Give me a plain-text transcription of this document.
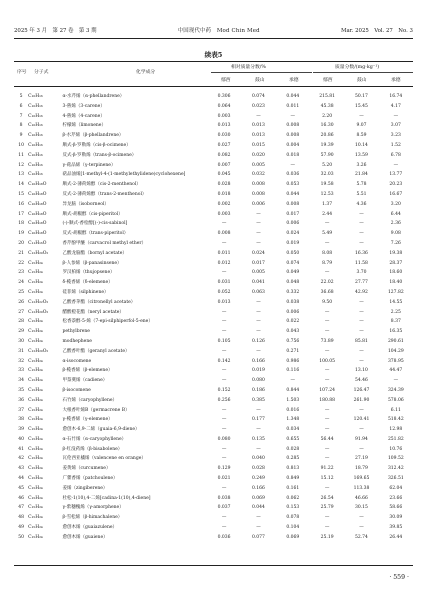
2025 年 3 月　第 27 卷　第 3 期	中国现代中药　Mod Chin Med	Mar. 2025　Vol. 27　No. 3
续表5
序号 分子式	化学成分
相对质量分数/%	质量分数/(mg·kg⁻¹)
鄢西	鼓山	承德	鄢西	鼓山	承德
5	C₁₀H₁₆	α-水芹烯（α-phellandrene）	0.306	0.074	0.044	215.81	50.17	16.74
6	C₁₀H₁₆	3-蒈烯（3-carene）	0.064	0.023	0.011	45.38	15.45	4.17
7	C₁₀H₁₆	4-蒈烯（4-carene）	0.003	—	—	2.20	—	—
8	C₁₀H₁₆	柠檬烯（limonene）	0.013	0.013	0.008	16.30	9.07	3.07
9	C₁₀H₁₆	β-水芹烯（β-phellandrene）	0.030	0.013	0.008	20.86	8.59	3.23
10	C₁₀H₁₆	顺式-β-罗勒烯（cis-β-ocimene）	0.027	0.015	0.004	19.39	10.14	1.52
11	C₁₀H₁₆	反式-β-罗勒烯（trans-β-ocimene）	0.082	0.020	0.018	57.90	13.59	6.78
12	C₁₀H₁₆	γ-萜品烯（γ-terpinene）	0.007	0.005	—	5.20	3.26	—
13	C₁₀H₁₆	萜品油烯[1-methyl-4-(1-methylethylidene)cyclohexene]	0.045	0.032	0.036	32.03	21.84	13.77
14	C₁₀H₁₈O	顺式-2-薄荷烯醇（cis-2-menthenol）	0.028	0.008	0.053	19.58	5.78	20.23
15	C₁₀H₁₈O	反式-2-薄荷烯醇（trans-2-menthenol）	0.018	0.008	0.044	12.53	5.51	16.67
16	C₁₀H₁₈O	异龙脑（isoborneol）	0.002	0.006	0.008	1.37	4.36	3.20
17	C₁₀H₁₈O	顺式-胡椒醇（cis-piperitol）	0.003	—	0.017	2.44	—	6.44
18	C₁₀H₁₈O	(-)-顺式-香桧醇[(-)-cis-sabinol]	—	—	0.006	—	—	2.36
19	C₁₀H₁₈O	反式-胡椒醇（trans-piperitol）	0.008	—	0.024	5.49	—	9.08
20	C₁₁H₁₆O	香芹酚甲醚（carvacrol methyl ether）	—	—	0.019	—	—	7.26
21	C₁₂H₂₀O₂	乙酸龙脑酯（bornyl acetate）	0.011	0.024	0.050	8.08	16.36	19.38
22	C₁₅H₂₄	β-人参烯（β-panasinsene）	0.012	0.017	0.074	8.79	11.58	28.37
23	C₁₅H₂₄	罗汉柏烯（thujopsene）	—	0.005	0.049	—	3.70	18.60
24	C₁₅H₂₄	δ-榄香烯（δ-elemene）	0.031	0.041	0.048	22.02	27.77	18.40
25	C₁₅H₂₄	硅菲烯（silphinene）	0.052	0.063	0.332	36.68	42.92	127.82
26	C₁₂H₂₂O₂	乙酸香茅酯（citronellyl acetate）	0.013	—	0.038	9.50	—	14.55
27	C₁₂H₂₀O₂	醋酸橙花酯（neryl acetate）	—	—	0.006	—	—	2.25
28	C₁₅H₂₄	松香萘醇-5-烯（7-epi-silphiperfol-5-ene）	—	—	0.022	—	—	8.37
29	C₁₅H₂₄	pethylbrene	—	—	0.043	—	—	16.35
30	C₁₅H₂₄	modhephene	0.105	0.126	0.756	73.89	85.81	290.61
31	C₁₂H₂₀O₂	乙酸香叶酯（geranyl acetate）	—	—	0.271	—	—	104.29
32	C₁₅H₂₄	α-isocomene	0.142	0.166	0.986	100.05	—	378.95
33	C₁₅H₂₄	β-榄香烯（β-elemene）	—	0.019	0.116	—	13.10	44.47
34	C₁₅H₂₄	甲萘薁烯（cadiene）	—	0.080	—	—	54.46	—
35	C₁₅H₂₄	β-isocomene	0.152	0.186	0.844	107.24	126.47	324.39
36	C₁₅H₂₄	石竹烯（caryophyllene）	0.256	0.385	1.503	180.88	261.90	578.06
37	C₁₅H₂₄	大根香叶烯B（germacrene B）	—	—	0.016	—	—	6.11
38	C₁₅H₂₄	γ-榄香烯（γ-elemene）	—	0.177	1.348	—	120.41	518.42
39	C₁₅H₂₄	愈创木-6,9-二烯（guaia-6,9-diene）	—	—	0.034	—	—	12.98
40	C₁₅H₂₄	α-石竹烯（α-caryophyllene）	0.080	0.135	0.655	56.44	91.94	251.82
41	C₁₅H₂₄	β-红没药烯（β-bisabolene）	—	—	0.028	—	—	10.76
42	C₁₅H₂₄	瓦伦西亚橘烯（valencene en orange）	—	0.040	0.285	—	27.19	109.52
43	C₁₅H₂₄	姜黄烯（curcumene）	0.129	0.028	0.813	91.22	18.79	312.42
44	C₁₅H₂₄	广藿香烯（patchoulene）	0.021	0.249	0.849	15.12	169.65	326.51
45	C₁₅H₂₄	姜烯（zingiberene）	—	0.166	0.161	—	113.38	62.04
46	C₁₅H₂₄	杜松-1(10),4-二烯[cadina-1(10),4-diene]	0.038	0.069	0.062	26.54	46.66	23.66
47	C₁₅H₂₄	γ-紫穗槐烯（γ-amorphene）	0.037	0.044	0.153	25.79	30.15	58.66
48	C₁₅H₂₄	β-雪松烯（β-himachalene）	—	—	0.078	—	—	30.09
49	C₁₅H₂₄	愈创木烯（guaiazulene）	—	—	0.104	—	—	39.85
50	C₁₅H₂₄	愈创木烯（guaiene）	0.036	0.077	0.069	25.19	52.74	26.44
· 559 ·
